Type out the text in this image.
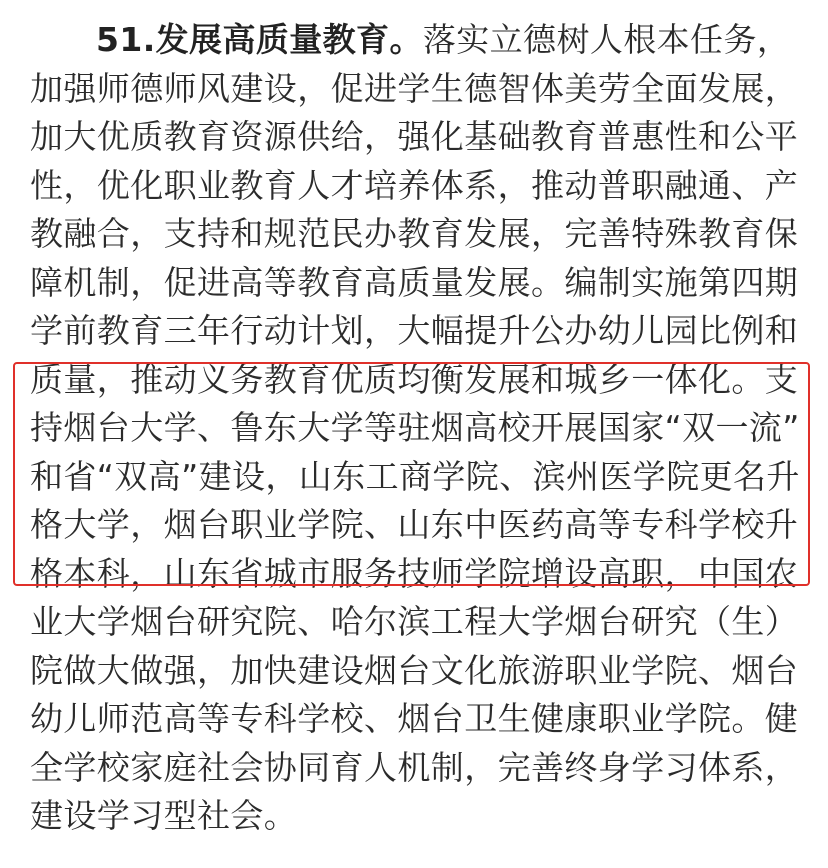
51.发展高质量教育。落实立德树人根本任务，
加强师德师风建设，促进学生德智体美劳全面发展，
加大优质教育资源供给，强化基础教育普惠性和公平
性，优化职业教育人才培养体系，推动普职融通、产
教融合，支持和规范民办教育发展，完善特殊教育保
障机制，促进高等教育高质量发展。编制实施第四期
学前教育三年行动计划，大幅提升公办幼儿园比例和
质量，推动义务教育优质均衡发展和城乡一体化。支
持烟台大学、鲁东大学等驻烟高校开展国家“双一流”
和省“双高”建设，山东工商学院、滨州医学院更名升
格大学，烟台职业学院、山东中医药高等专科学校升
格本科，山东省城市服务技师学院增设高职，中国农
业大学烟台研究院、哈尔滨工程大学烟台研究（生）
院做大做强，加快建设烟台文化旅游职业学院、烟台
幼儿师范高等专科学校、烟台卫生健康职业学院。健
全学校家庭社会协同育人机制，完善终身学习体系，
建设学习型社会。
